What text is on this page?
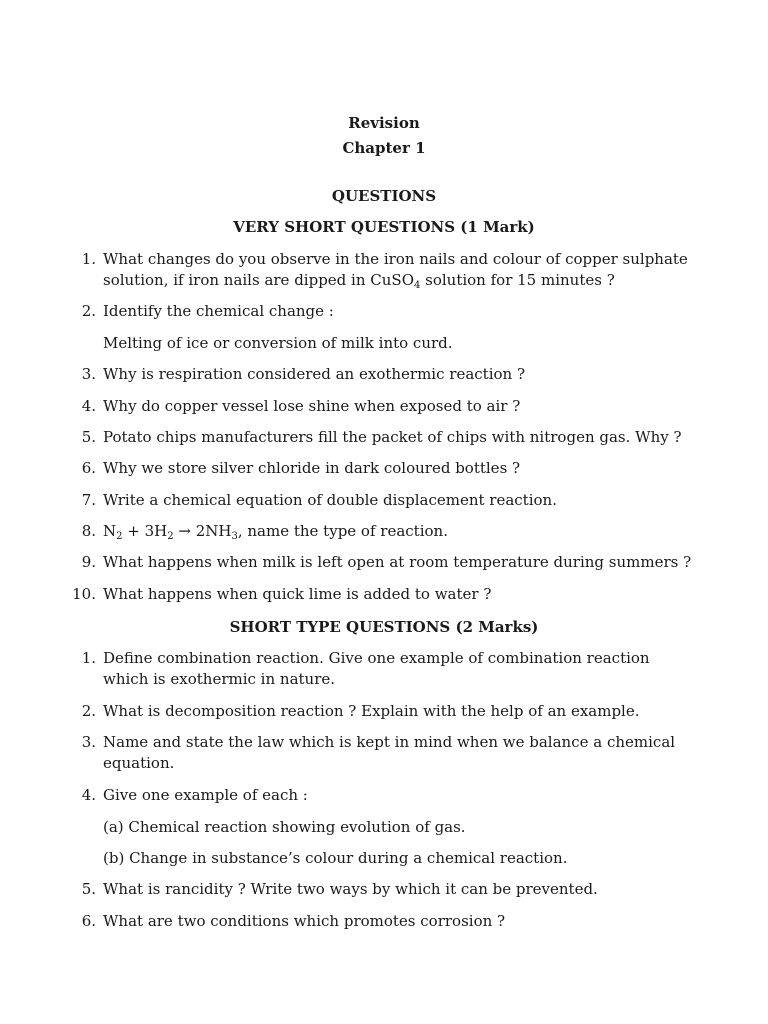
Revision
Chapter 1
QUESTIONS
VERY SHORT QUESTIONS (1 Mark)
1. What changes do you observe in the iron nails and colour of copper sulphate
solution, if iron nails are dipped in CuSO$_4$ solution for 15 minutes ?
2. Identify the chemical change :
Melting of ice or conversion of milk into curd.
3. Why is respiration considered an exothermic reaction ?
4. Why do copper vessel lose shine when exposed to air ?
5. Potato chips manufacturers fill the packet of chips with nitrogen gas. Why ?
6. Why we store silver chloride in dark coloured bottles ?
7. Write a chemical equation of double displacement reaction.
8. $N_2 + 3H_2 \to 2NH_3$, name the type of reaction.
9. What happens when milk is left open at room temperature during summers ?
10. What happens when quick lime is added to water ?
SHORT TYPE QUESTIONS (2 Marks)
1. Define combination reaction. Give one example of combination reaction which is exothermic in nature.
2. What is decomposition reaction ? Explain with the help of an example.
3. Name and state the law which is kept in mind when we balance a chemical equation.
4. Give one example of each :
(a) Chemical reaction showing evolution of gas.
(b) Change in substance’s colour during a chemical reaction.
5. What is rancidity ? Write two ways by which it can be prevented.
6. What are two conditions which promotes corrosion ?
